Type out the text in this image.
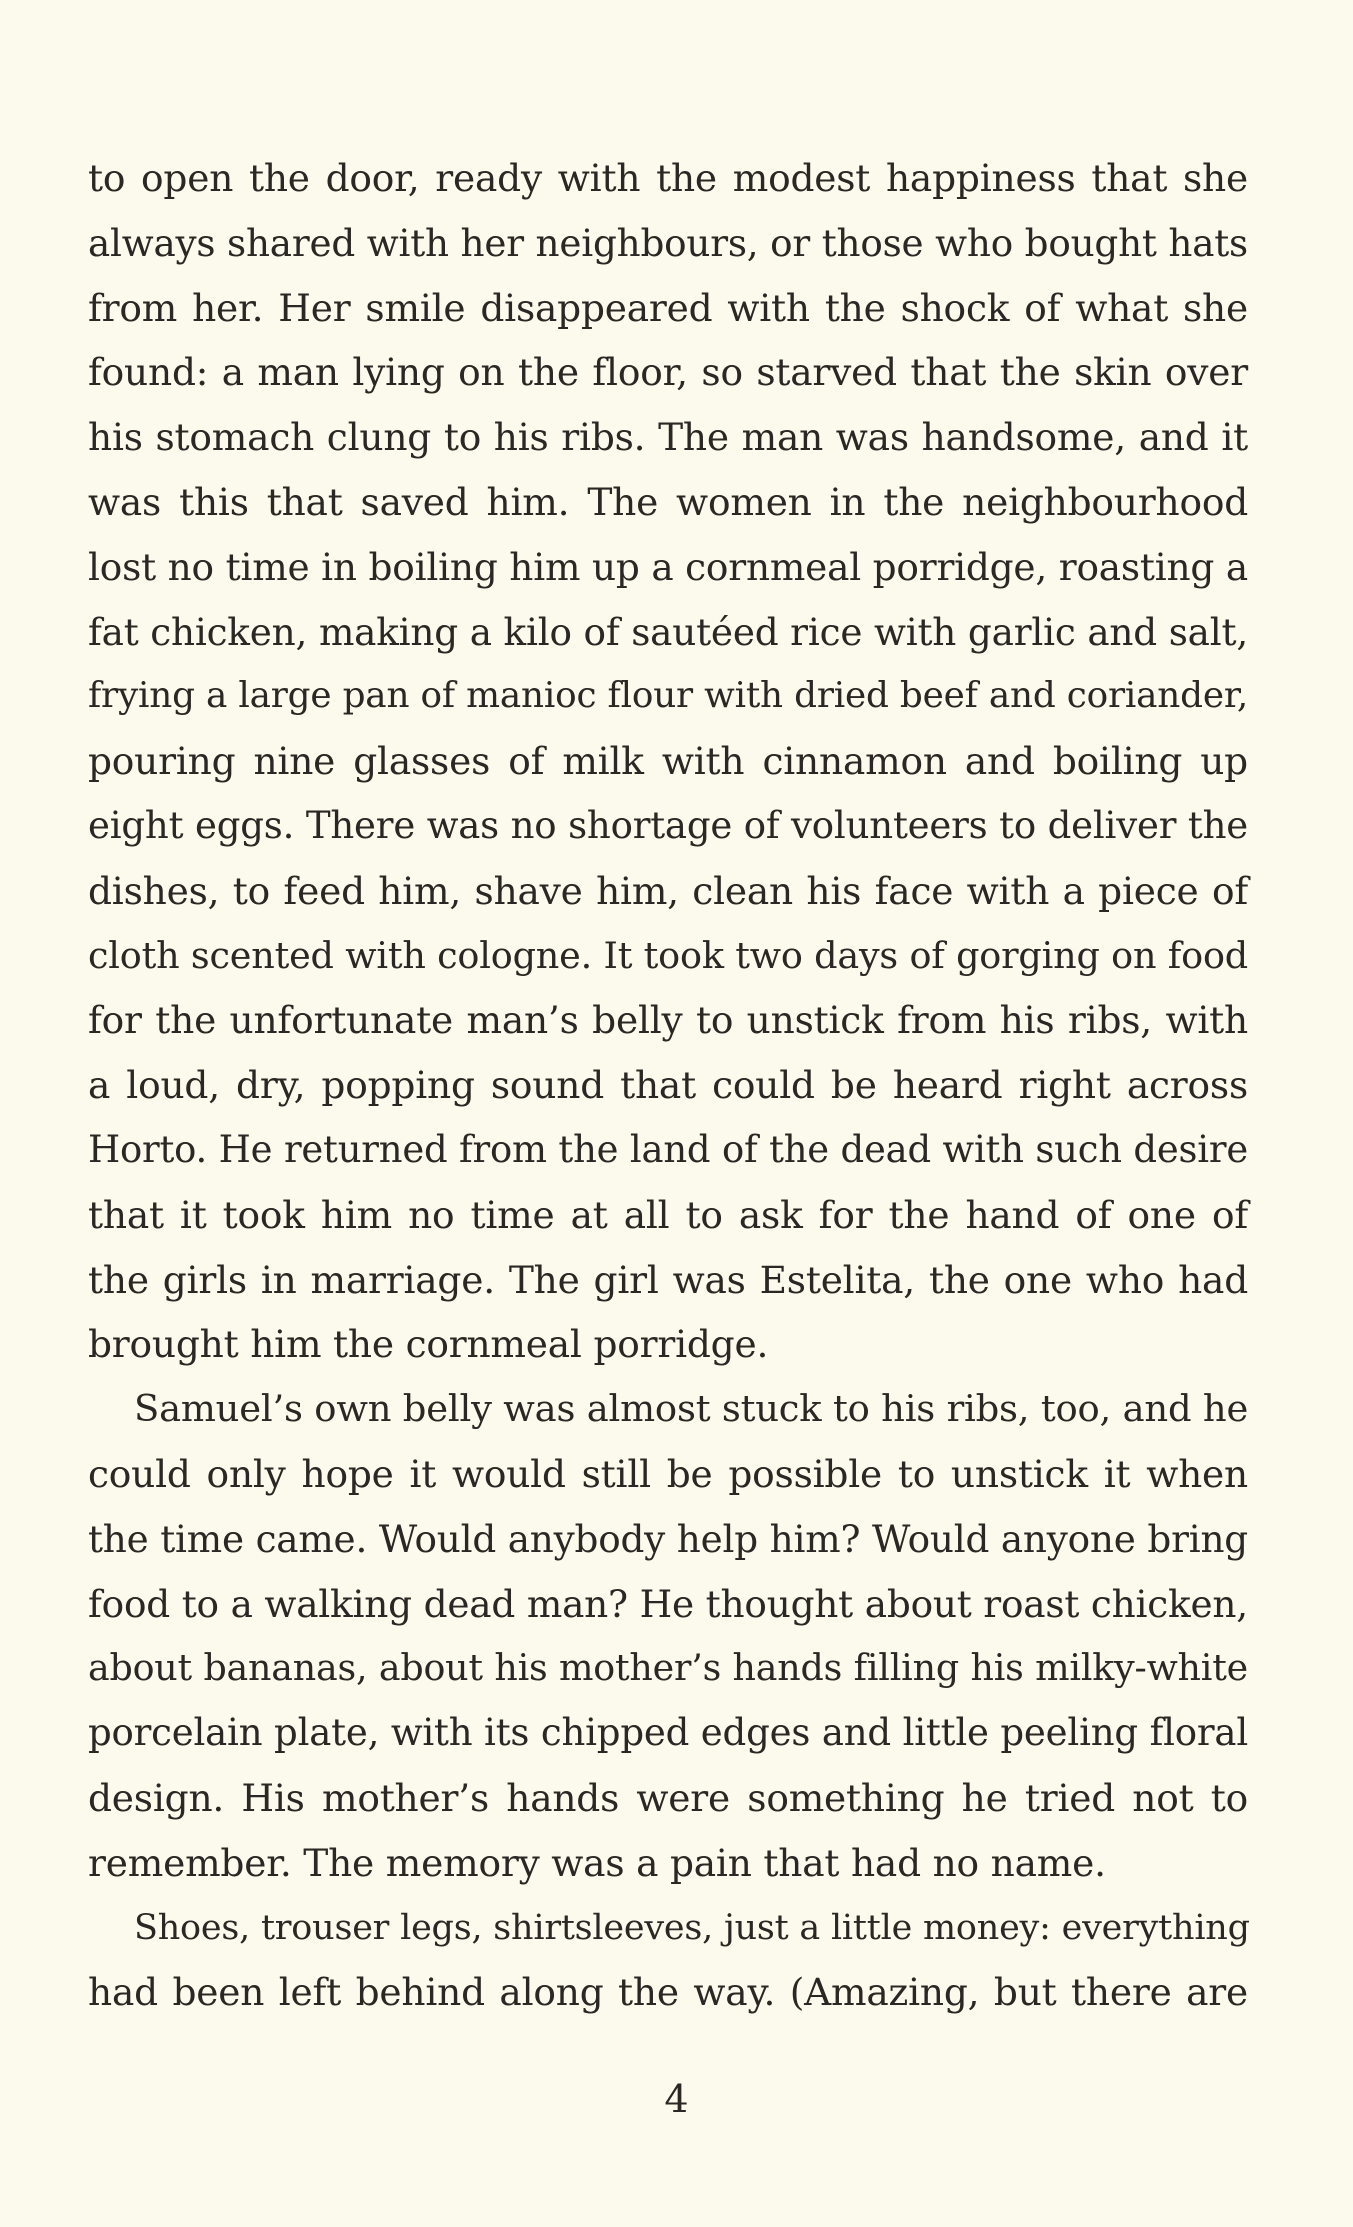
to open the door, ready with the modest happiness that she
always shared with her neighbours, or those who bought hats
from her. Her smile disappeared with the shock of what she
found: a man lying on the floor, so starved that the skin over
his stomach clung to his ribs. The man was handsome, and it
was this that saved him. The women in the neighbourhood
lost no time in boiling him up a cornmeal porridge, roasting a
fat chicken, making a kilo of sautéed rice with garlic and salt,
frying a large pan of manioc flour with dried beef and coriander,
pouring nine glasses of milk with cinnamon and boiling up
eight eggs. There was no shortage of volunteers to deliver the
dishes, to feed him, shave him, clean his face with a piece of
cloth scented with cologne. It took two days of gorging on food
for the unfortunate man’s belly to unstick from his ribs, with
a loud, dry, popping sound that could be heard right across
Horto. He returned from the land of the dead with such desire
that it took him no time at all to ask for the hand of one of
the girls in marriage. The girl was Estelita, the one who had
brought him the cornmeal porridge.
Samuel’s own belly was almost stuck to his ribs, too, and he
could only hope it would still be possible to unstick it when
the time came. Would anybody help him? Would anyone bring
food to a walking dead man? He thought about roast chicken,
about bananas, about his mother’s hands filling his milky-white
porcelain plate, with its chipped edges and little peeling floral
design. His mother’s hands were something he tried not to
remember. The memory was a pain that had no name.
Shoes, trouser legs, shirtsleeves, just a little money: everything
had been left behind along the way. (Amazing, but there are
4
